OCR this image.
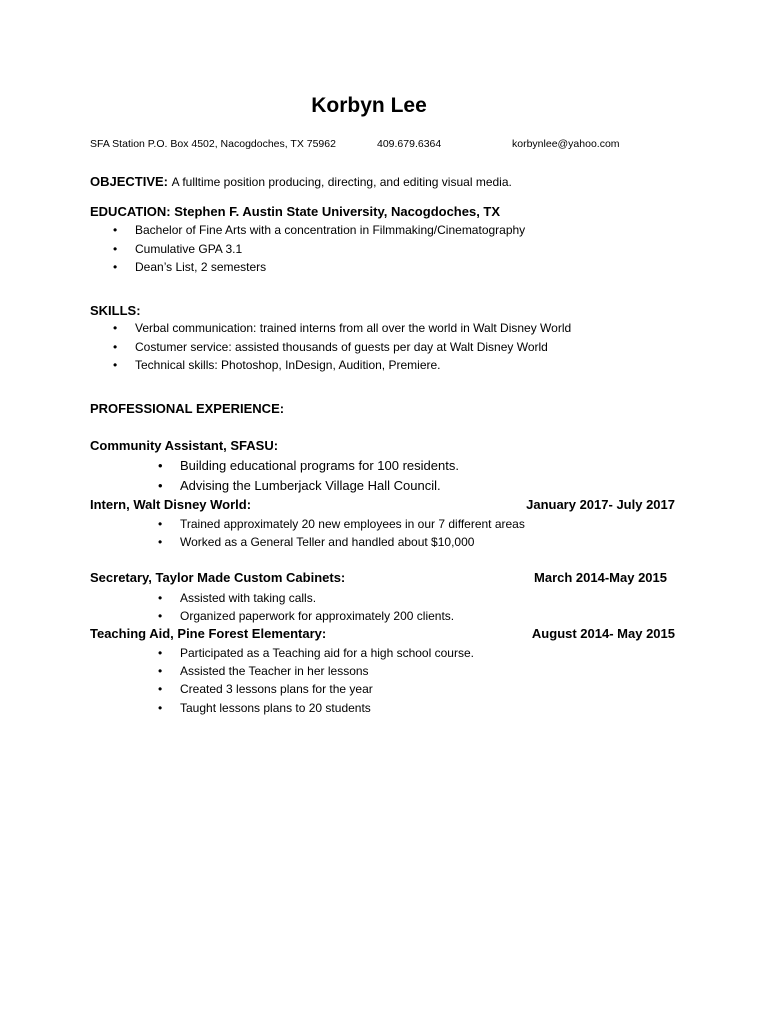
Korbyn Lee
SFA Station P.O. Box 4502, Nacogdoches, TX 75962	409.679.6364	korbynlee@yahoo.com
OBJECTIVE: A fulltime position producing, directing, and editing visual media.
EDUCATION: Stephen F. Austin State University, Nacogdoches, TX
• Bachelor of Fine Arts with a concentration in Filmmaking/Cinematography
• Cumulative GPA 3.1
• Dean’s List, 2 semesters
SKILLS:
• Verbal communication: trained interns from all over the world in Walt Disney World
• Costumer service: assisted thousands of guests per day at Walt Disney World
• Technical skills: Photoshop, InDesign, Audition, Premiere.
PROFESSIONAL EXPERIENCE:
Community Assistant, SFASU:
• Building educational programs for 100 residents.
• Advising the Lumberjack Village Hall Council.
Intern, Walt Disney World:	January 2017- July 2017
• Trained approximately 20 new employees in our 7 different areas
• Worked as a General Teller and handled about $10,000
Secretary, Taylor Made Custom Cabinets:	March 2014-May 2015
• Assisted with taking calls.
• Organized paperwork for approximately 200 clients.
Teaching Aid, Pine Forest Elementary:	August 2014- May 2015
• Participated as a Teaching aid for a high school course.
• Assisted the Teacher in her lessons
• Created 3 lessons plans for the year
• Taught lessons plans to 20 students
